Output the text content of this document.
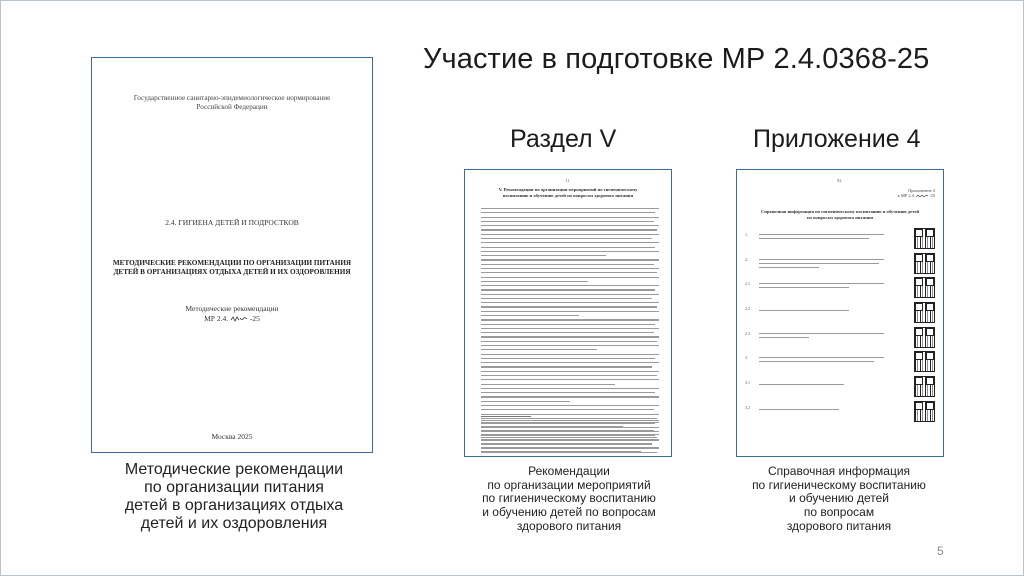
Участие в подготовке МР 2.4.0368-25
Государственное санитарно-эпидемиологическое нормирование
Российской Федерации
2.4. ГИГИЕНА ДЕТЕЙ И ПОДРОСТКОВ
МЕТОДИЧЕСКИЕ РЕКОМЕНДАЦИИ ПО ОРГАНИЗАЦИИ ПИТАНИЯ
ДЕТЕЙ В ОРГАНИЗАЦИЯХ ОТДЫХА ДЕТЕЙ И ИХ ОЗДОРОВЛЕНИЯ
Методические рекомендации
МР 2.4.	-25
Москва 2025
Методические рекомендации
по организации питания
детей в организациях отдыха
детей и их оздоровления
Раздел V
11
V. Рекомендации по организации мероприятий по гигиеническому
воспитанию и обучению детей по вопросам здорового питания
Рекомендации
по организации мероприятий
по гигиеническому воспитанию
и обучению детей по вопросам
здорового питания
Приложение 4
92
Приложение 4
к МР 2.4.	-25
Справочная информация по гигиеническому воспитанию и обучению детей
по вопросам здорового питания
1.
2.
2.1
2.2
2.3
3.
3.1
3.2
Справочная информация
по гигиеническому воспитанию
и обучению детей
по вопросам
здорового питания
5
